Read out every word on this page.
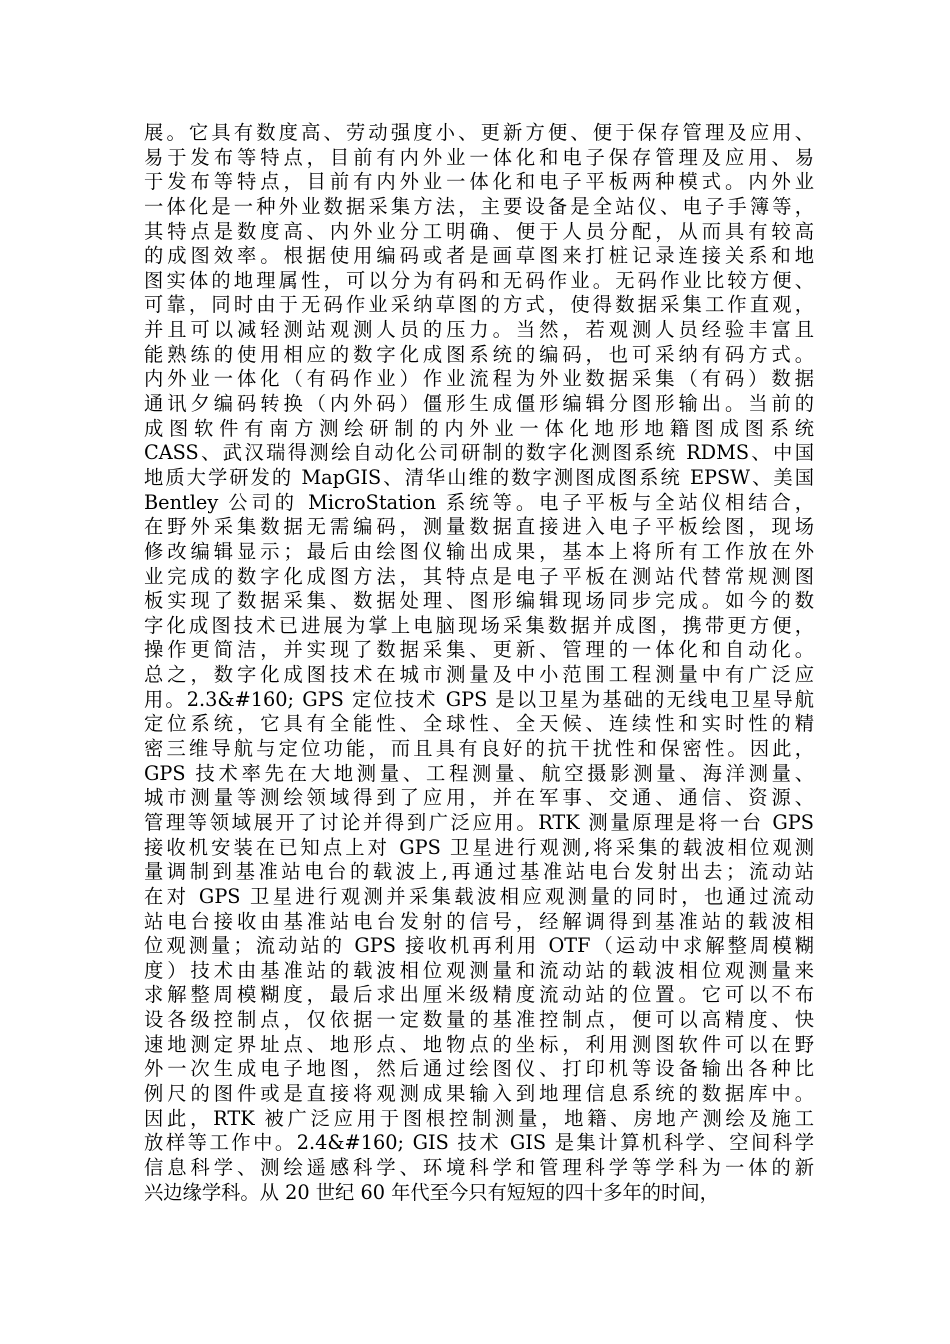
展。它具有数度高、劳动强度小、更新方便、便于保存管理及应用、
易于发布等特点，目前有内外业一体化和电子保存管理及应用、易
于发布等特点，目前有内外业一体化和电子平板两种模式。内外业
一体化是一种外业数据采集方法，主要设备是全站仪、电子手簿等，
其特点是数度高、内外业分工明确、便于人员分配，从而具有较高
的成图效率。根据使用编码或者是画草图来打桩记录连接关系和地
图实体的地理属性，可以分为有码和无码作业。无码作业比较方便、
可靠，同时由于无码作业采纳草图的方式，使得数据采集工作直观，
并且可以减轻测站观测人员的压力。当然，若观测人员经验丰富且
能熟练的使用相应的数字化成图系统的编码，也可采纳有码方式。
内外业一体化（有码作业）作业流程为外业数据采集（有码）数据
通讯夕编码转换（内外码）僵形生成僵形编辑分图形输出。当前的
成图软件有南方测绘研制的内外业一体化地形地籍图成图系统
CASS、武汉瑞得测绘自动化公司研制的数字化测图系统 RDMS、中国
地质大学研发的 MapGIS、清华山维的数字测图成图系统 EPSW、美国
Bentley 公司的 MicroStation 系统等。电子平板与全站仪相结合，
在野外采集数据无需编码，测量数据直接进入电子平板绘图，现场
修改编辑显示；最后由绘图仪输出成果，基本上将所有工作放在外
业完成的数字化成图方法，其特点是电子平板在测站代替常规测图
板实现了数据采集、数据处理、图形编辑现场同步完成。如今的数
字化成图技术已进展为掌上电脑现场采集数据并成图，携带更方便，
操作更简洁，并实现了数据采集、更新、管理的一体化和自动化。
总之，数字化成图技术在城市测量及中小范围工程测量中有广泛应
用。2.3&#160; GPS 定位技术 GPS 是以卫星为基础的无线电卫星导航
定位系统，它具有全能性、全球性、全天候、连续性和实时性的精
密三维导航与定位功能，而且具有良好的抗干扰性和保密性。因此，
GPS 技术率先在大地测量、工程测量、航空摄影测量、海洋测量、
城市测量等测绘领域得到了应用，并在军事、交通、通信、资源、
管理等领域展开了讨论并得到广泛应用。RTK 测量原理是将一台 GPS
接收机安装在已知点上对 GPS 卫星进行观测,将采集的载波相位观测
量调制到基准站电台的载波上,再通过基准站电台发射出去；流动站
在对 GPS 卫星进行观测并采集载波相应观测量的同时，也通过流动
站电台接收由基准站电台发射的信号，经解调得到基准站的载波相
位观测量；流动站的 GPS 接收机再利用 OTF（运动中求解整周模糊
度）技术由基准站的载波相位观测量和流动站的载波相位观测量来
求解整周模糊度，最后求出厘米级精度流动站的位置。它可以不布
设各级控制点，仅依据一定数量的基准控制点，便可以高精度、快
速地测定界址点、地形点、地物点的坐标，利用测图软件可以在野
外一次生成电子地图，然后通过绘图仪、打印机等设备输出各种比
例尺的图件或是直接将观测成果输入到地理信息系统的数据库中。
因此，RTK 被广泛应用于图根控制测量，地籍、房地产测绘及施工
放样等工作中。2.4&#160; GIS 技术 GIS 是集计算机科学、空间科学
信息科学、测绘遥感科学、环境科学和管理科学等学科为一体的新
兴边缘学科。从 20 世纪 60 年代至今只有短短的四十多年的时间，
